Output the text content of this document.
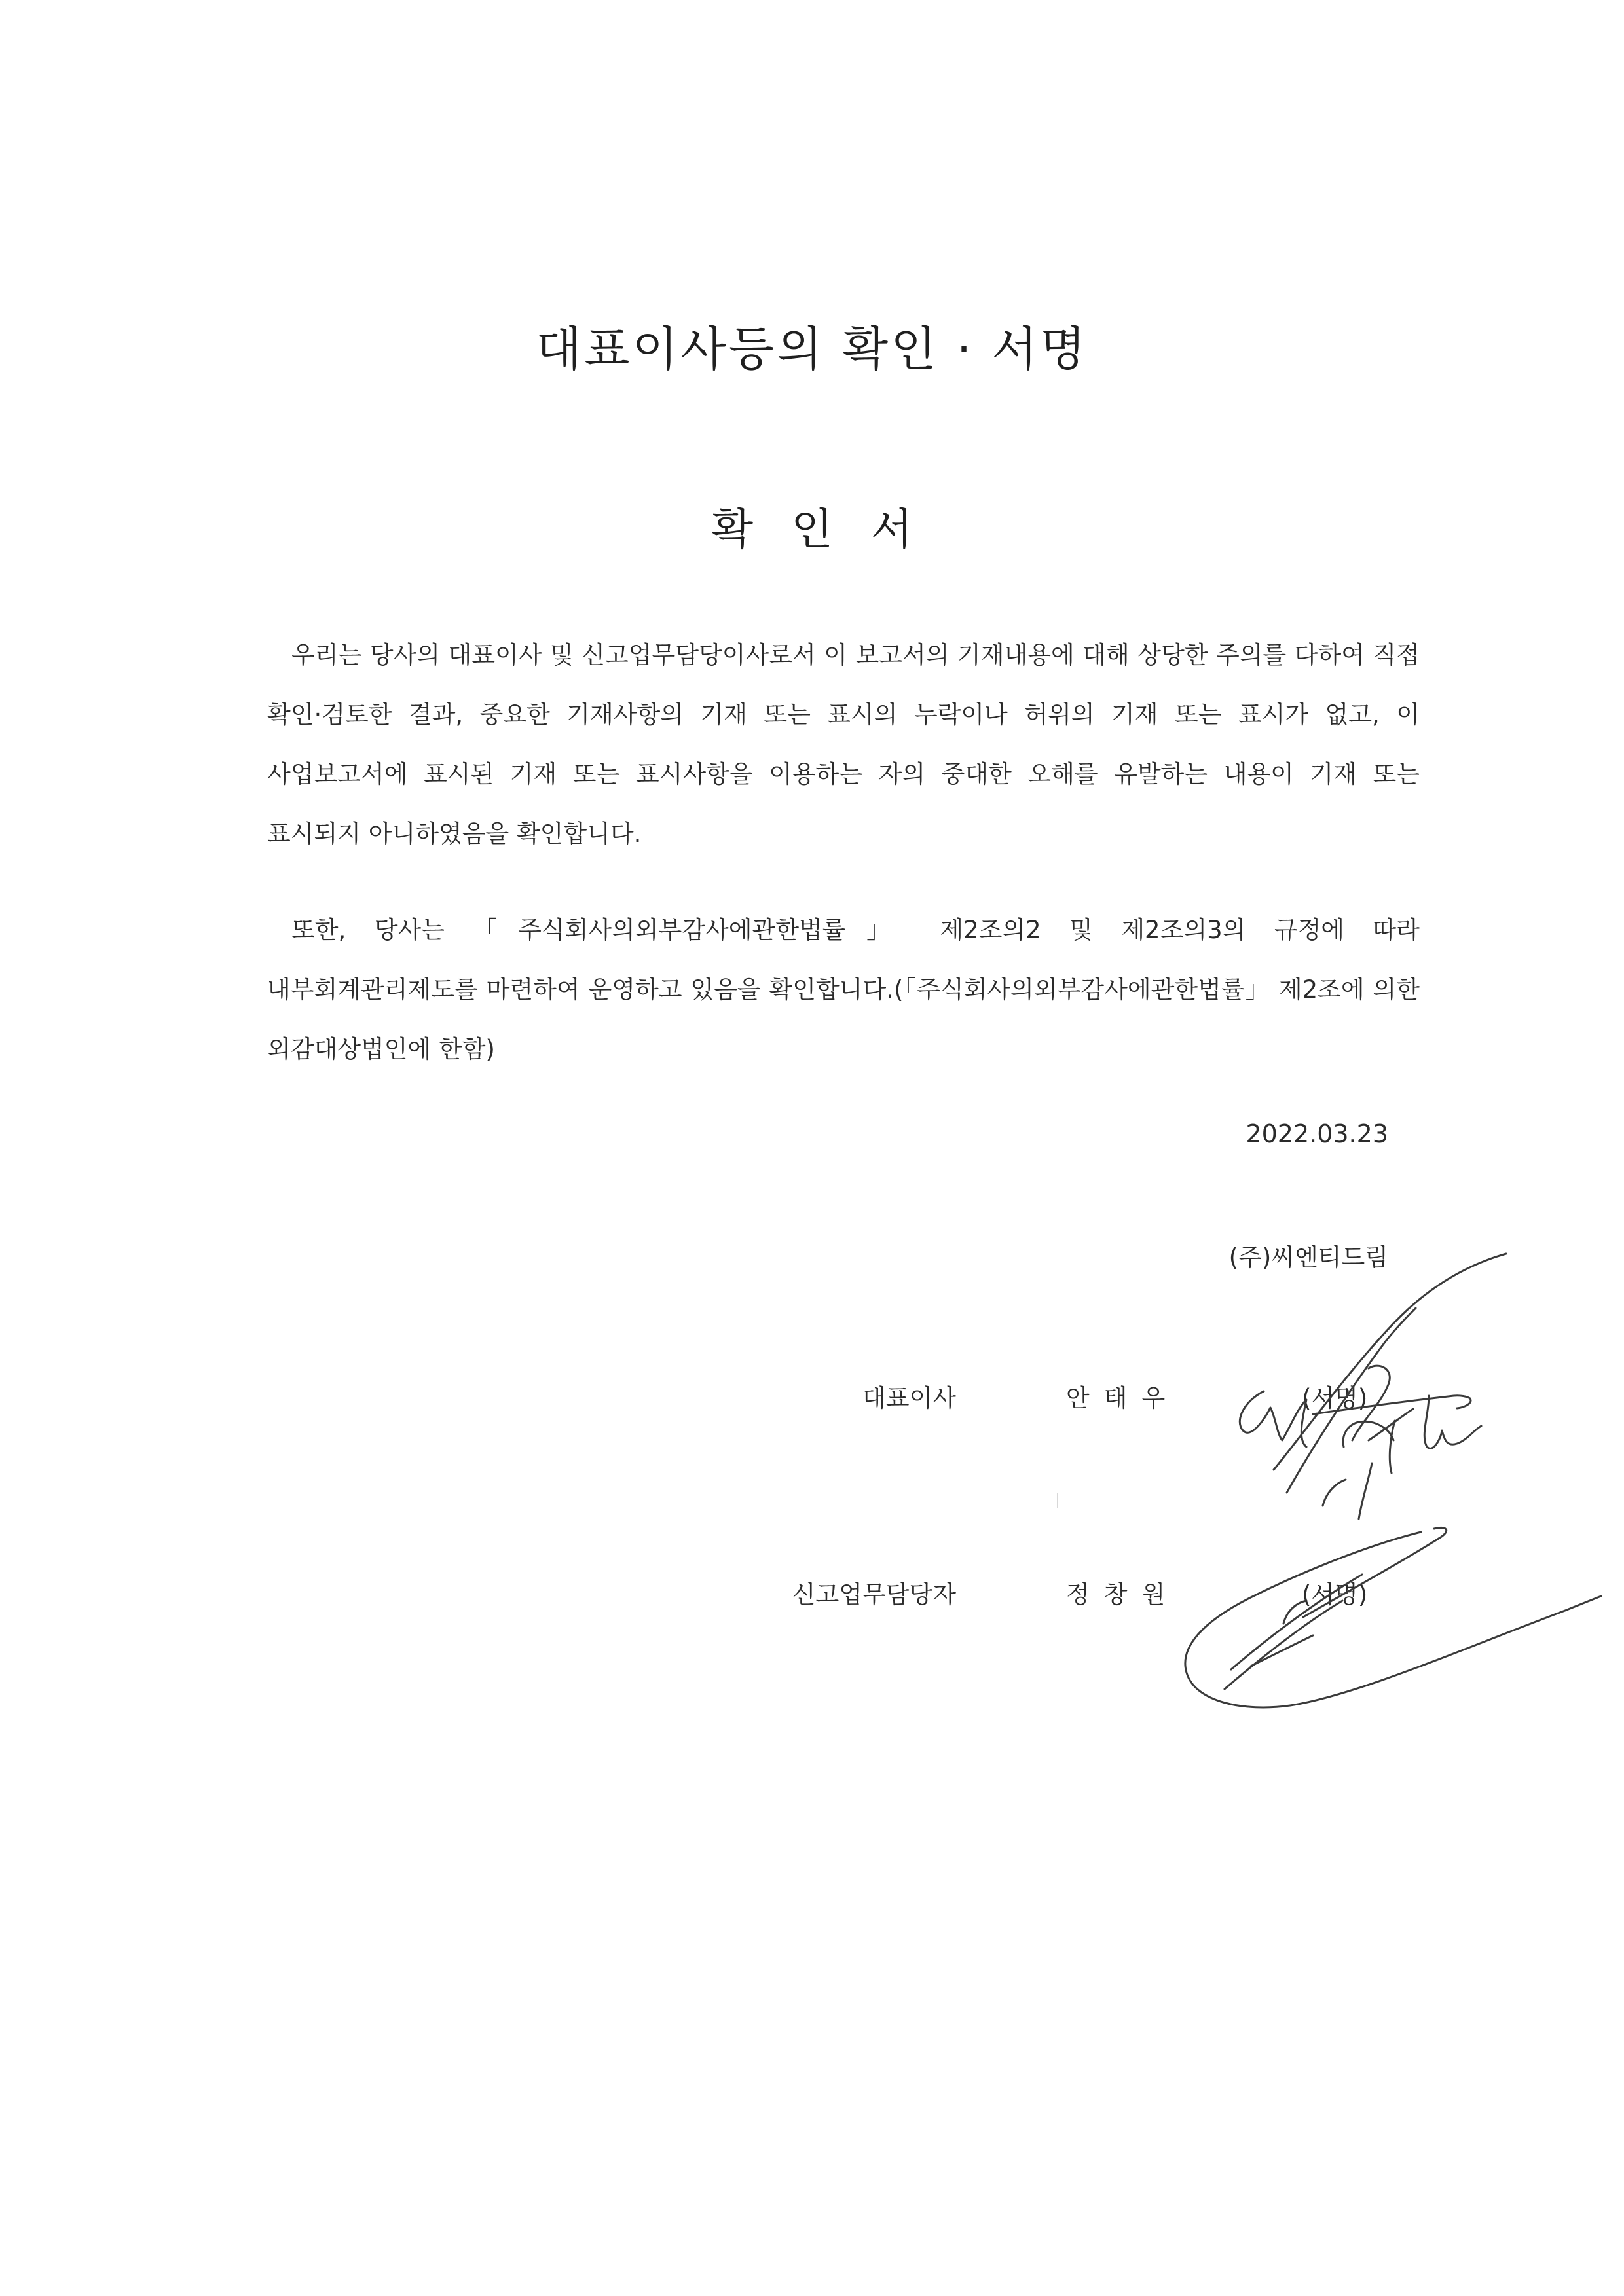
대표이사등의 확인 · 서명
확인서

우리는 당사의 대표이사 및 신고업무담당이사로서 이 보고서의 기재내용에 대해 상당한 주의를 다하여 직접 확인·검토한 결과, 중요한 기재사항의 기재 또는 표시의 누락이나 허위의 기재 또는 표시가 없고, 이 사업보고서에 표시된 기재 또는 표시사항을 이용하는 자의 중대한 오해를 유발하는 내용이 기재 또는 표시되지 아니하였음을 확인합니다.

또한, 당사는 「주식회사의외부감사에관한법률」 제2조의2 및 제2조의3의 규정에 따라 내부회계관리제도를 마련하여 운영하고 있음을 확인합니다.(「주식회사의외부감사에관한법률」 제2조에 의한 외감대상법인에 한함)

2022.03.23
(주)씨엔티드림
대표이사	안태우	(서명)
신고업무담당자	정창원	(서명)
